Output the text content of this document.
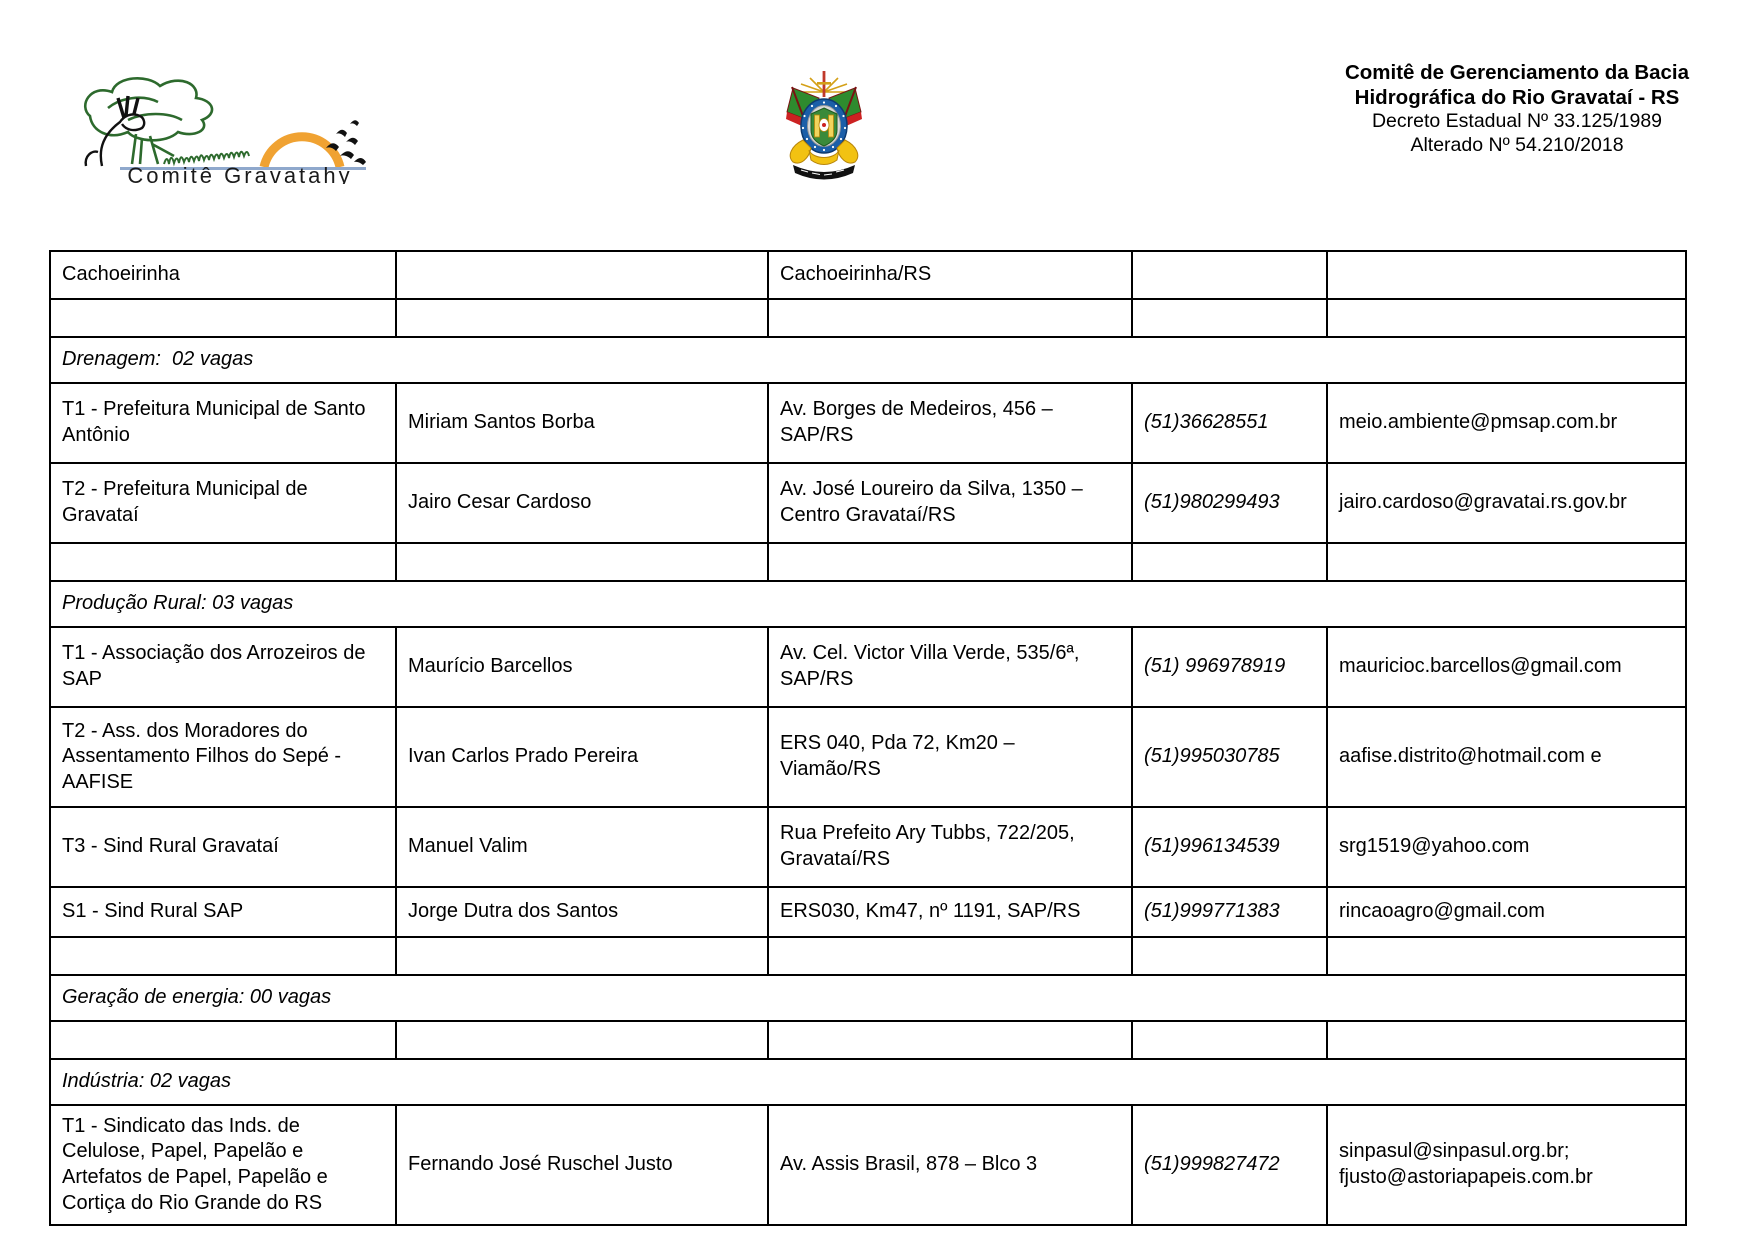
Comitê Gravatahy
Comitê de Gerenciamento da Bacia
Hidrográfica do Rio Gravataí - RS
Decreto Estadual Nº 33.125/1989
Alterado Nº 54.210/2018
Cachoeirinha		Cachoeirinha/RS		

Drenagem:  02 vagas				
T1 - Prefeitura Municipal de Santo Antônio	Miriam Santos Borba	Av. Borges de Medeiros, 456 – SAP/RS	(51)36628551	meio.ambiente@pmsap.com.br
T2 - Prefeitura Municipal de Gravataí	Jairo Cesar Cardoso	Av. José Loureiro da Silva, 1350 – Centro Gravataí/RS	(51)980299493	jairo.cardoso@gravatai.rs.gov.br

Produção Rural: 03 vagas				
T1 - Associação dos Arrozeiros de SAP	Maurício Barcellos	Av. Cel. Victor Villa Verde, 535/6ª, SAP/RS	(51) 996978919	mauricioc.barcellos@gmail.com
T2 - Ass. dos Moradores do Assentamento Filhos do Sepé - AAFISE	Ivan Carlos Prado Pereira	ERS 040, Pda 72, Km20 – Viamão/RS	(51)995030785	aafise.distrito@hotmail.com e
T3 - Sind Rural Gravataí	Manuel Valim	Rua Prefeito Ary Tubbs, 722/205, Gravataí/RS	(51)996134539	srg1519@yahoo.com
S1 - Sind Rural SAP	Jorge Dutra dos Santos	ERS030, Km47, nº 1191, SAP/RS	(51)999771383	rincaoagro@gmail.com

Geração de energia: 00 vagas				

Indústria: 02 vagas				
T1 - Sindicato das Inds. de Celulose, Papel, Papelão e Artefatos de Papel, Papelão e Cortiça do Rio Grande do RS	Fernando José Ruschel Justo	Av. Assis Brasil, 878 – Blco 3	(51)999827472	sinpasul@sinpasul.org.br; fjusto@astoriapapeis.com.br
